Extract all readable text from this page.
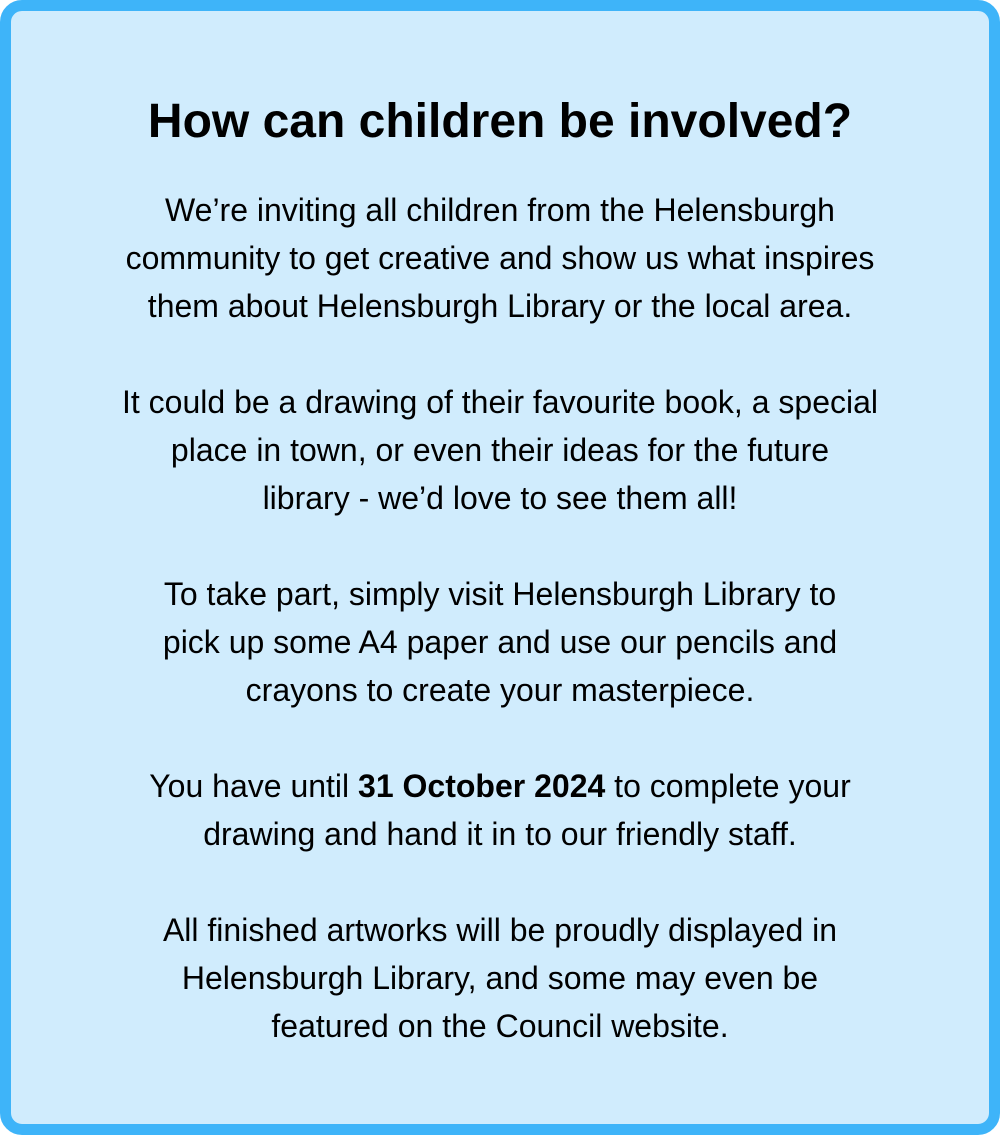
How can children be involved?

We’re inviting all children from the Helensburgh
community to get creative and show us what inspires
them about Helensburgh Library or the local area.

It could be a drawing of their favourite book, a special
place in town, or even their ideas for the future
library - we’d love to see them all!

To take part, simply visit Helensburgh Library to
pick up some A4 paper and use our pencils and
crayons to create your masterpiece.

You have until 31 October 2024 to complete your
drawing and hand it in to our friendly staff.

All finished artworks will be proudly displayed in
Helensburgh Library, and some may even be
featured on the Council website.
